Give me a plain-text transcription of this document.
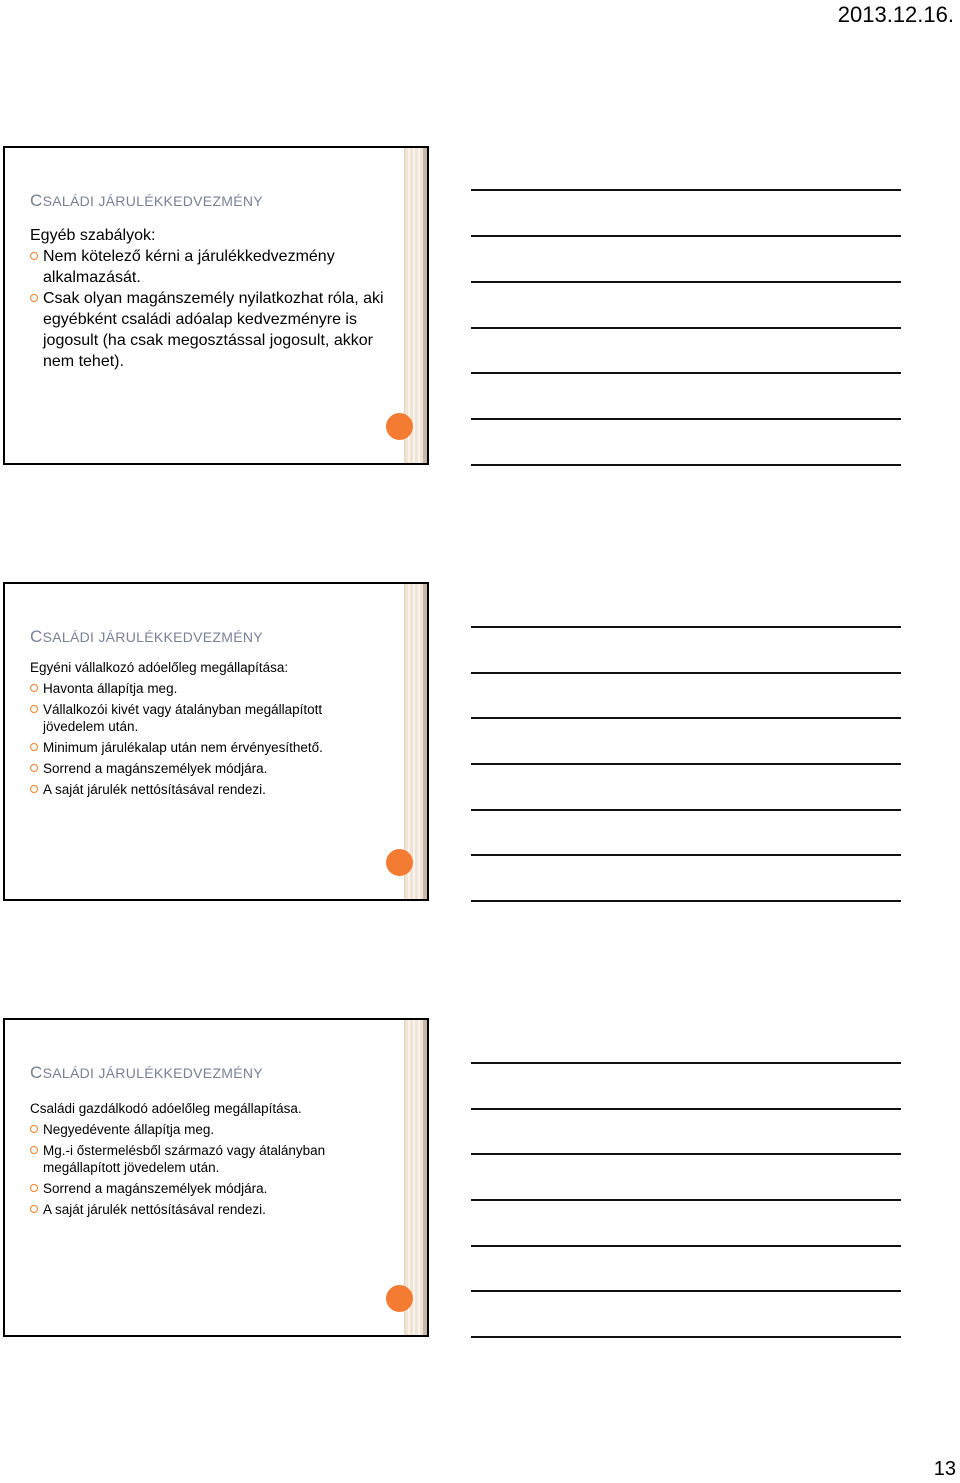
2013.12.16.
CSALÁDI JÁRULÉKKEDVEZMÉNY

Egyéb szabályok:

Nem kötelező kérni a járulékkedvezmény alkalmazását.
Csak olyan magánszemély nyilatkozhat róla, aki egyébként családi adóalap kedvezményre is jogosult (ha csak megosztással jogosult, akkor nem tehet).
CSALÁDI JÁRULÉKKEDVEZMÉNY

Egyéni vállalkozó adóelőleg megállapítása:

Havonta állapítja meg.
Vállalkozói kivét vagy átalányban megállapított jövedelem után.
Minimum járulékalap után nem érvényesíthető.
Sorrend a magánszemélyek módjára.
A saját járulék nettósításával rendezi.
CSALÁDI JÁRULÉKKEDVEZMÉNY

Családi gazdálkodó adóelőleg megállapítása.

Negyedévente állapítja meg.
Mg.-i őstermelésből származó vagy átalányban megállapított jövedelem után.
Sorrend a magánszemélyek módjára.
A saját járulék nettósításával rendezi.
13
